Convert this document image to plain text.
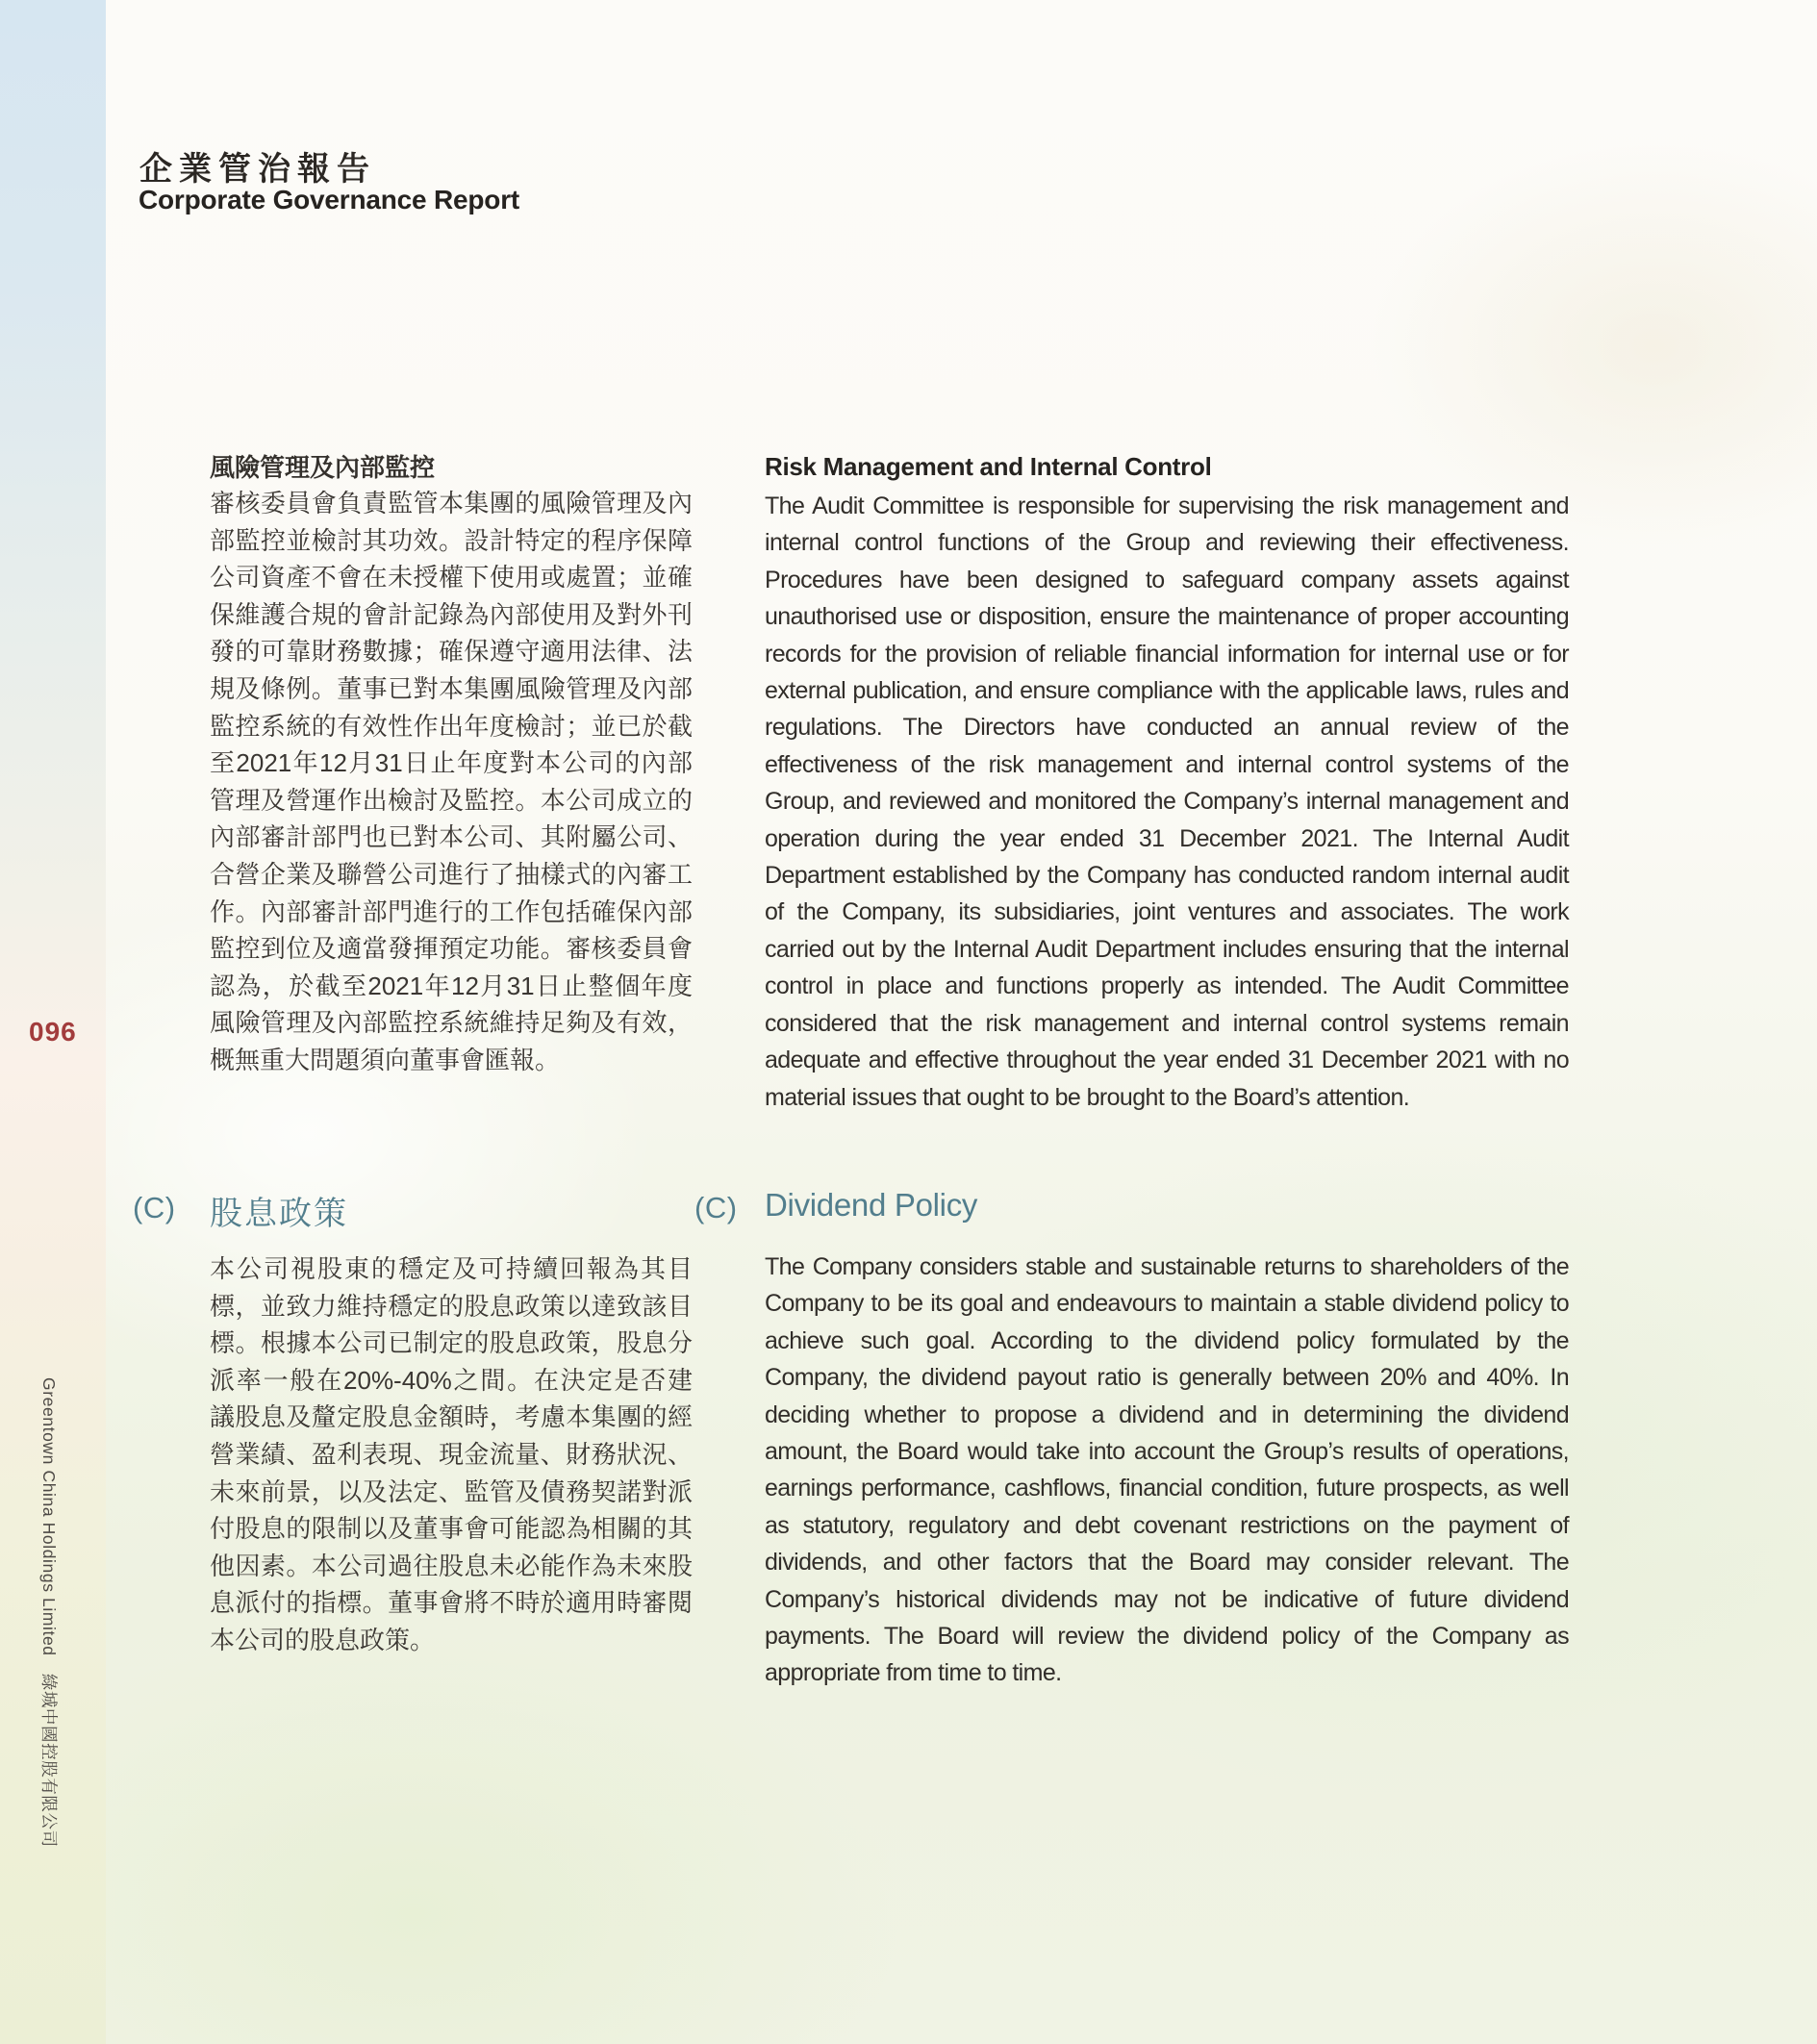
企業管治報告
Corporate Governance Report
風險管理及內部監控
審核委員會負責監管本集團的風險管理及內部監控並檢討其功效。設計特定的程序保障公司資產不會在未授權下使用或處置；並確保維護合規的會計記錄為內部使用及對外刊發的可靠財務數據；確保遵守適用法律、法規及條例。董事已對本集團風險管理及內部監控系統的有效性作出年度檢討；並已於截至2021年12月31日止年度對本公司的內部管理及營運作出檢討及監控。本公司成立的內部審計部門也已對本公司、其附屬公司、合營企業及聯營公司進行了抽樣式的內審工作。內部審計部門進行的工作包括確保內部監控到位及適當發揮預定功能。審核委員會認為，於截至2021年12月31日止整個年度風險管理及內部監控系統維持足夠及有效，概無重大問題須向董事會匯報。
Risk Management and Internal Control
The Audit Committee is responsible for supervising the risk management and internal control functions of the Group and reviewing their effectiveness. Procedures have been designed to safeguard company assets against unauthorised use or disposition, ensure the maintenance of proper accounting records for the provision of reliable financial information for internal use or for external publication, and ensure compliance with the applicable laws, rules and regulations. The Directors have conducted an annual review of the effectiveness of the risk management and internal control systems of the Group, and reviewed and monitored the Company’s internal management and operation during the year ended 31 December 2021. The Internal Audit Department established by the Company has conducted random internal audit of the Company, its subsidiaries, joint ventures and associates. The work carried out by the Internal Audit Department includes ensuring that the internal control in place and functions properly as intended. The Audit Committee considered that the risk management and internal control systems remain adequate and effective throughout the year ended 31 December 2021 with no material issues that ought to be brought to the Board’s attention.
(C) 股息政策
本公司視股東的穩定及可持續回報為其目標，並致力維持穩定的股息政策以達致該目標。根據本公司已制定的股息政策，股息分派率一般在20%-40%之間。在決定是否建議股息及釐定股息金額時，考慮本集團的經營業績、盈利表現、現金流量、財務狀況、未來前景，以及法定、監管及債務契諾對派付股息的限制以及董事會可能認為相關的其他因素。本公司過往股息未必能作為未來股息派付的指標。董事會將不時於適用時審閱本公司的股息政策。
(C) Dividend Policy
The Company considers stable and sustainable returns to shareholders of the Company to be its goal and endeavours to maintain a stable dividend policy to achieve such goal. According to the dividend policy formulated by the Company, the dividend payout ratio is generally between 20% and 40%. In deciding whether to propose a dividend and in determining the dividend amount, the Board would take into account the Group’s results of operations, earnings performance, cashflows, financial condition, future prospects, as well as statutory, regulatory and debt covenant restrictions on the payment of dividends, and other factors that the Board may consider relevant. The Company’s historical dividends may not be indicative of future dividend payments. The Board will review the dividend policy of the Company as appropriate from time to time.
096
Greentown China Holdings Limited　綠城中國控股有限公司
